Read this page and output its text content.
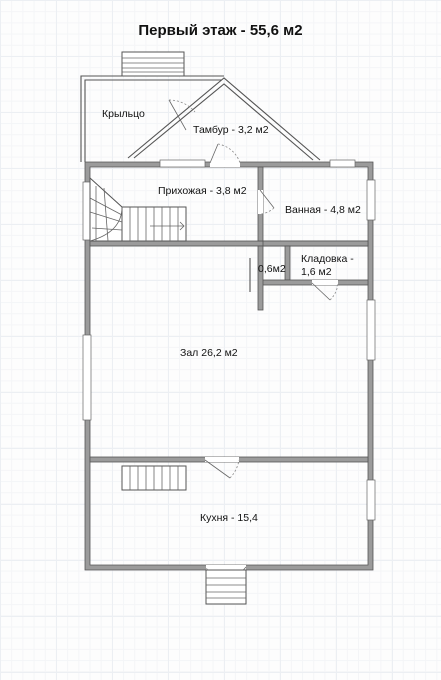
Первый этаж - 55,6 м2
Крыльцо
Тамбур - 3,2 м2
Прихожая - 3,8 м2
Ванная - 4,8 м2
Кладовка -
1,6 м2
0,6м2
Зал 26,2 м2
Кухня - 15,4
